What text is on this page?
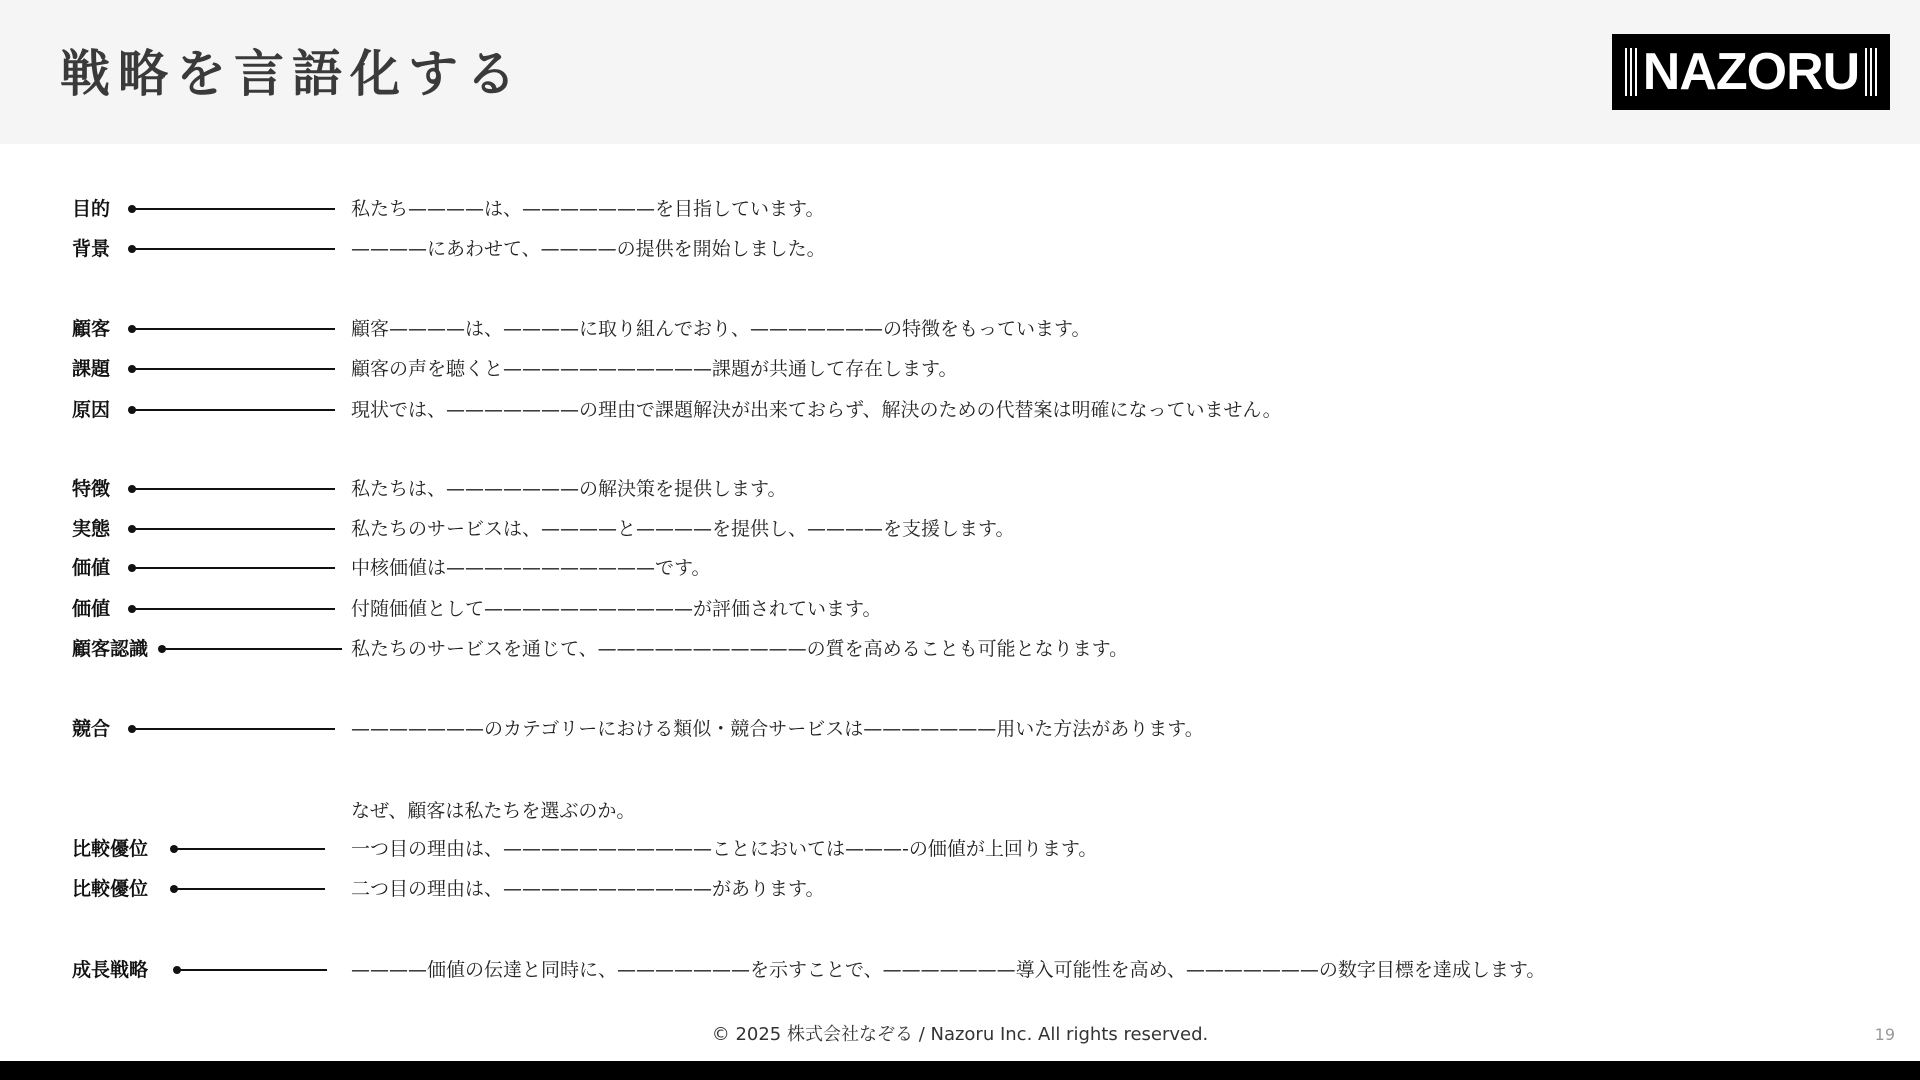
戦略を言語化する	NAZORU
目的	私たち————は、———————を目指しています。
背景	————にあわせて、————の提供を開始しました。
顧客	顧客————は、————に取り組んでおり、———————の特徴をもっています。
課題	顧客の声を聴くと———————————課題が共通して存在します。
原因	現状では、———————の理由で課題解決が出来ておらず、解決のための代替案は明確になっていません。
特徴	私たちは、———————の解決策を提供します。
実態	私たちのサービスは、————と————を提供し、————を支援します。
価値	中核価値は———————————です。
価値	付随価値として———————————が評価されています。
顧客認識	私たちのサービスを通じて、———————————の質を高めることも可能となります。
競合	———————のカテゴリーにおける類似・競合サービスは———————用いた方法があります。
なぜ、顧客は私たちを選ぶのか。
比較優位	一つ目の理由は、———————————ことにおいては———-の価値が上回ります。
比較優位	二つ目の理由は、———————————があります。
成長戦略	————価値の伝達と同時に、———————を示すことで、———————導入可能性を高め、———————の数字目標を達成します。
© 2025 株式会社なぞる / Nazoru Inc. All rights reserved.	19
